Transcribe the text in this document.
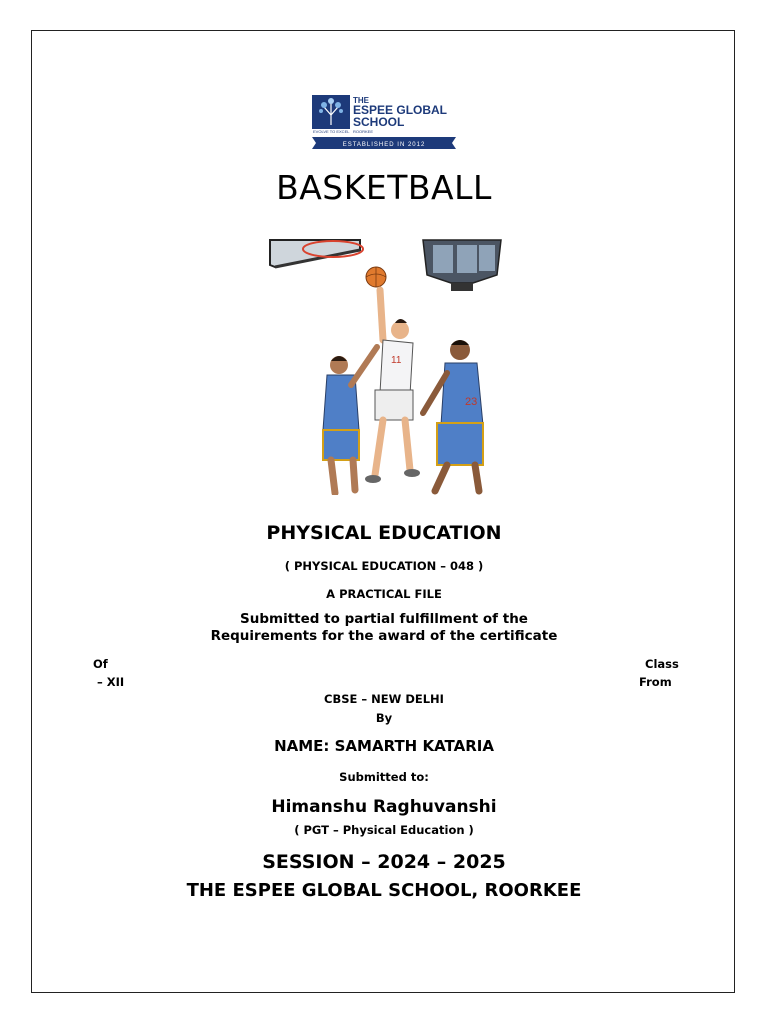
THE
ESPEE GLOBAL
SCHOOL
EVOLVE TO EXCEL ROORKEE
ESTABLISHED IN 2012
BASKETBALL
11
23
PHYSICAL EDUCATION
( PHYSICAL EDUCATION – 048 )
A PRACTICAL FILE
Submitted to partial fulfillment of the
Requirements for the award of the certificate
Of	Class
– XII	From
CBSE – NEW DELHI
By
NAME: SAMARTH KATARIA
Submitted to:
Himanshu Raghuvanshi
( PGT – Physical Education )
SESSION – 2024 – 2025
THE ESPEE GLOBAL SCHOOL, ROORKEE
